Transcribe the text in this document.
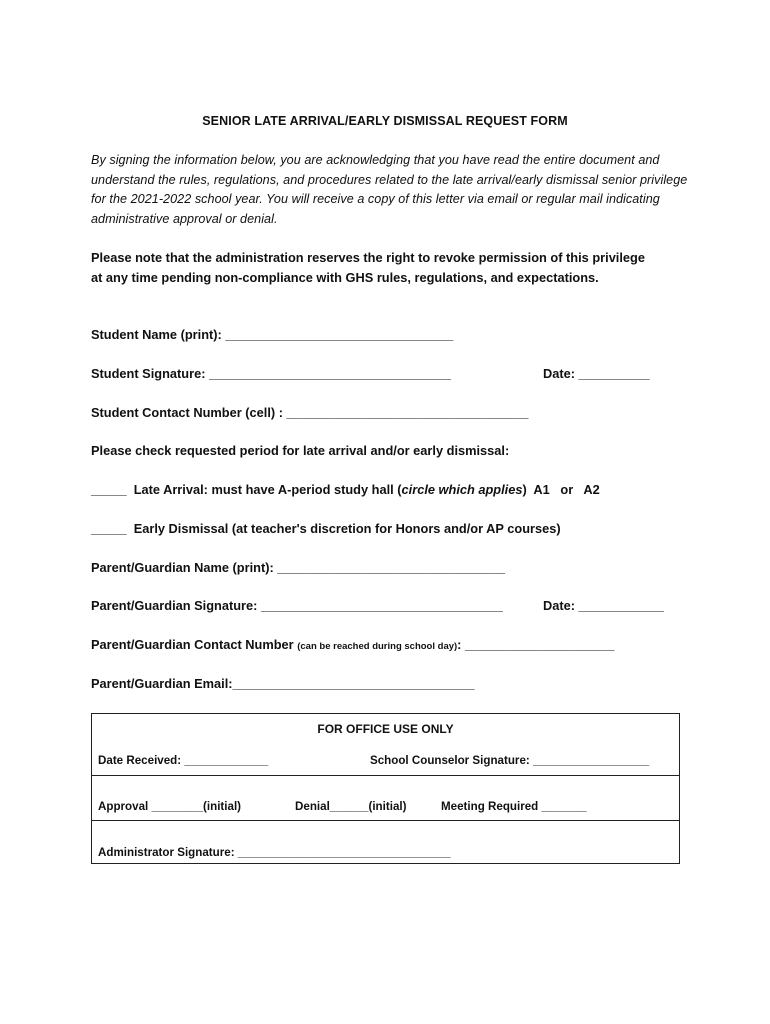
SENIOR LATE ARRIVAL/EARLY DISMISSAL REQUEST FORM
By signing the information below, you are acknowledging that you have read the entire document and understand the rules, regulations, and procedures related to the late arrival/early dismissal senior privilege for the 2021-2022 school year. You will receive a copy of this letter via email or regular mail indicating administrative approval or denial.
Please note that the administration reserves the right to revoke permission of this privilege at any time pending non-compliance with GHS rules, regulations, and expectations.
Student Name (print): ________________________________
Student Signature: __________________________________	Date: __________
Student Contact Number (cell) : __________________________________
Please check requested period for late arrival and/or early dismissal:
_____  Late Arrival: must have A-period study hall (circle which applies)  A1   or   A2
_____  Early Dismissal (at teacher's discretion for Honors and/or AP courses)
Parent/Guardian Name (print): ________________________________
Parent/Guardian Signature: __________________________________	Date: ____________
Parent/Guardian Contact Number (can be reached during school day): _____________________
Parent/Guardian Email:__________________________________
FOR OFFICE USE ONLY
Date Received: _____________	School Counselor Signature: __________________
Approval ________(initial)	Denial______(initial)	Meeting Required _______
Administrator Signature: _________________________________
